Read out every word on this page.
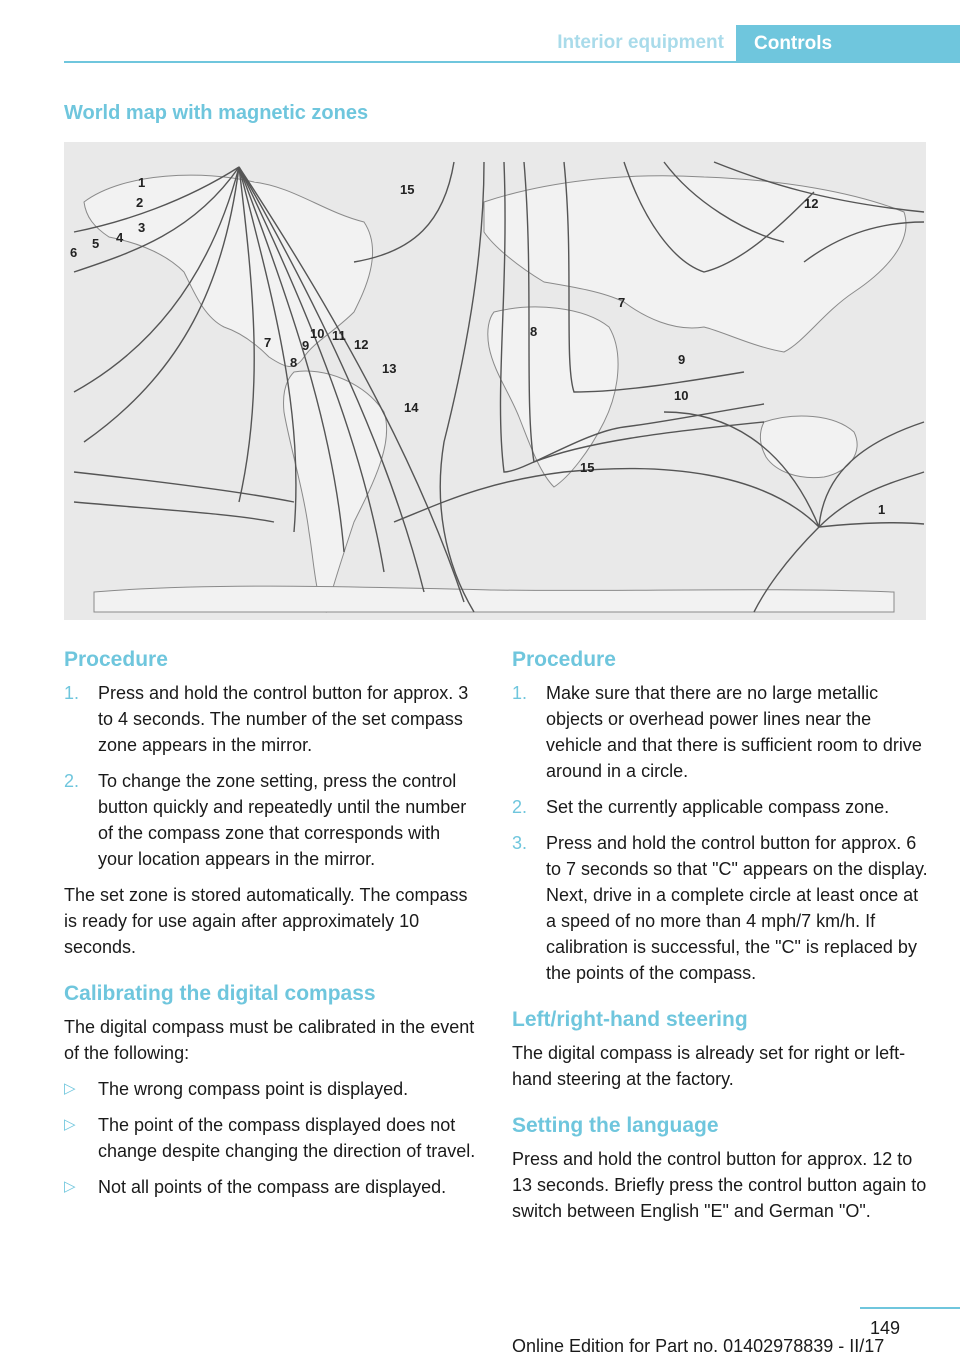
Interior equipment	Controls
World map with magnetic zones
1
2
3
4
5
6
7
8
9
10 11
12
13
14
15
7
8
9
10
12
15
1
Procedure
1.	Press and hold the control button for approx. 3 to 4 seconds. The number of the set compass zone appears in the mirror.
2.	To change the zone setting, press the control button quickly and repeatedly until the number of the compass zone that corresponds with your location appears in the mirror.

The set zone is stored automatically. The compass is ready for use again after approximately 10 seconds.

Calibrating the digital compass

The digital compass must be calibrated in the event of the following:

▷	The wrong compass point is displayed.
▷	The point of the compass displayed does not change despite changing the direction of travel.
▷	Not all points of the compass are displayed.
Procedure
1.	Make sure that there are no large metallic objects or overhead power lines near the vehicle and that there is sufficient room to drive around in a circle.
2.	Set the currently applicable compass zone.
3.	Press and hold the control button for approx. 6 to 7 seconds so that "C" appears on the display. Next, drive in a complete circle at least once at a speed of no more than 4 mph/7 km/h. If calibration is successful, the "C" is replaced by the points of the compass.
Left/right-hand steering

The digital compass is already set for right or left-hand steering at the factory.

Setting the language

Press and hold the control button for approx. 12 to 13 seconds. Briefly press the control button again to switch between English "E" and German "O".

149
Online Edition for Part no. 01402978839 - II/17
